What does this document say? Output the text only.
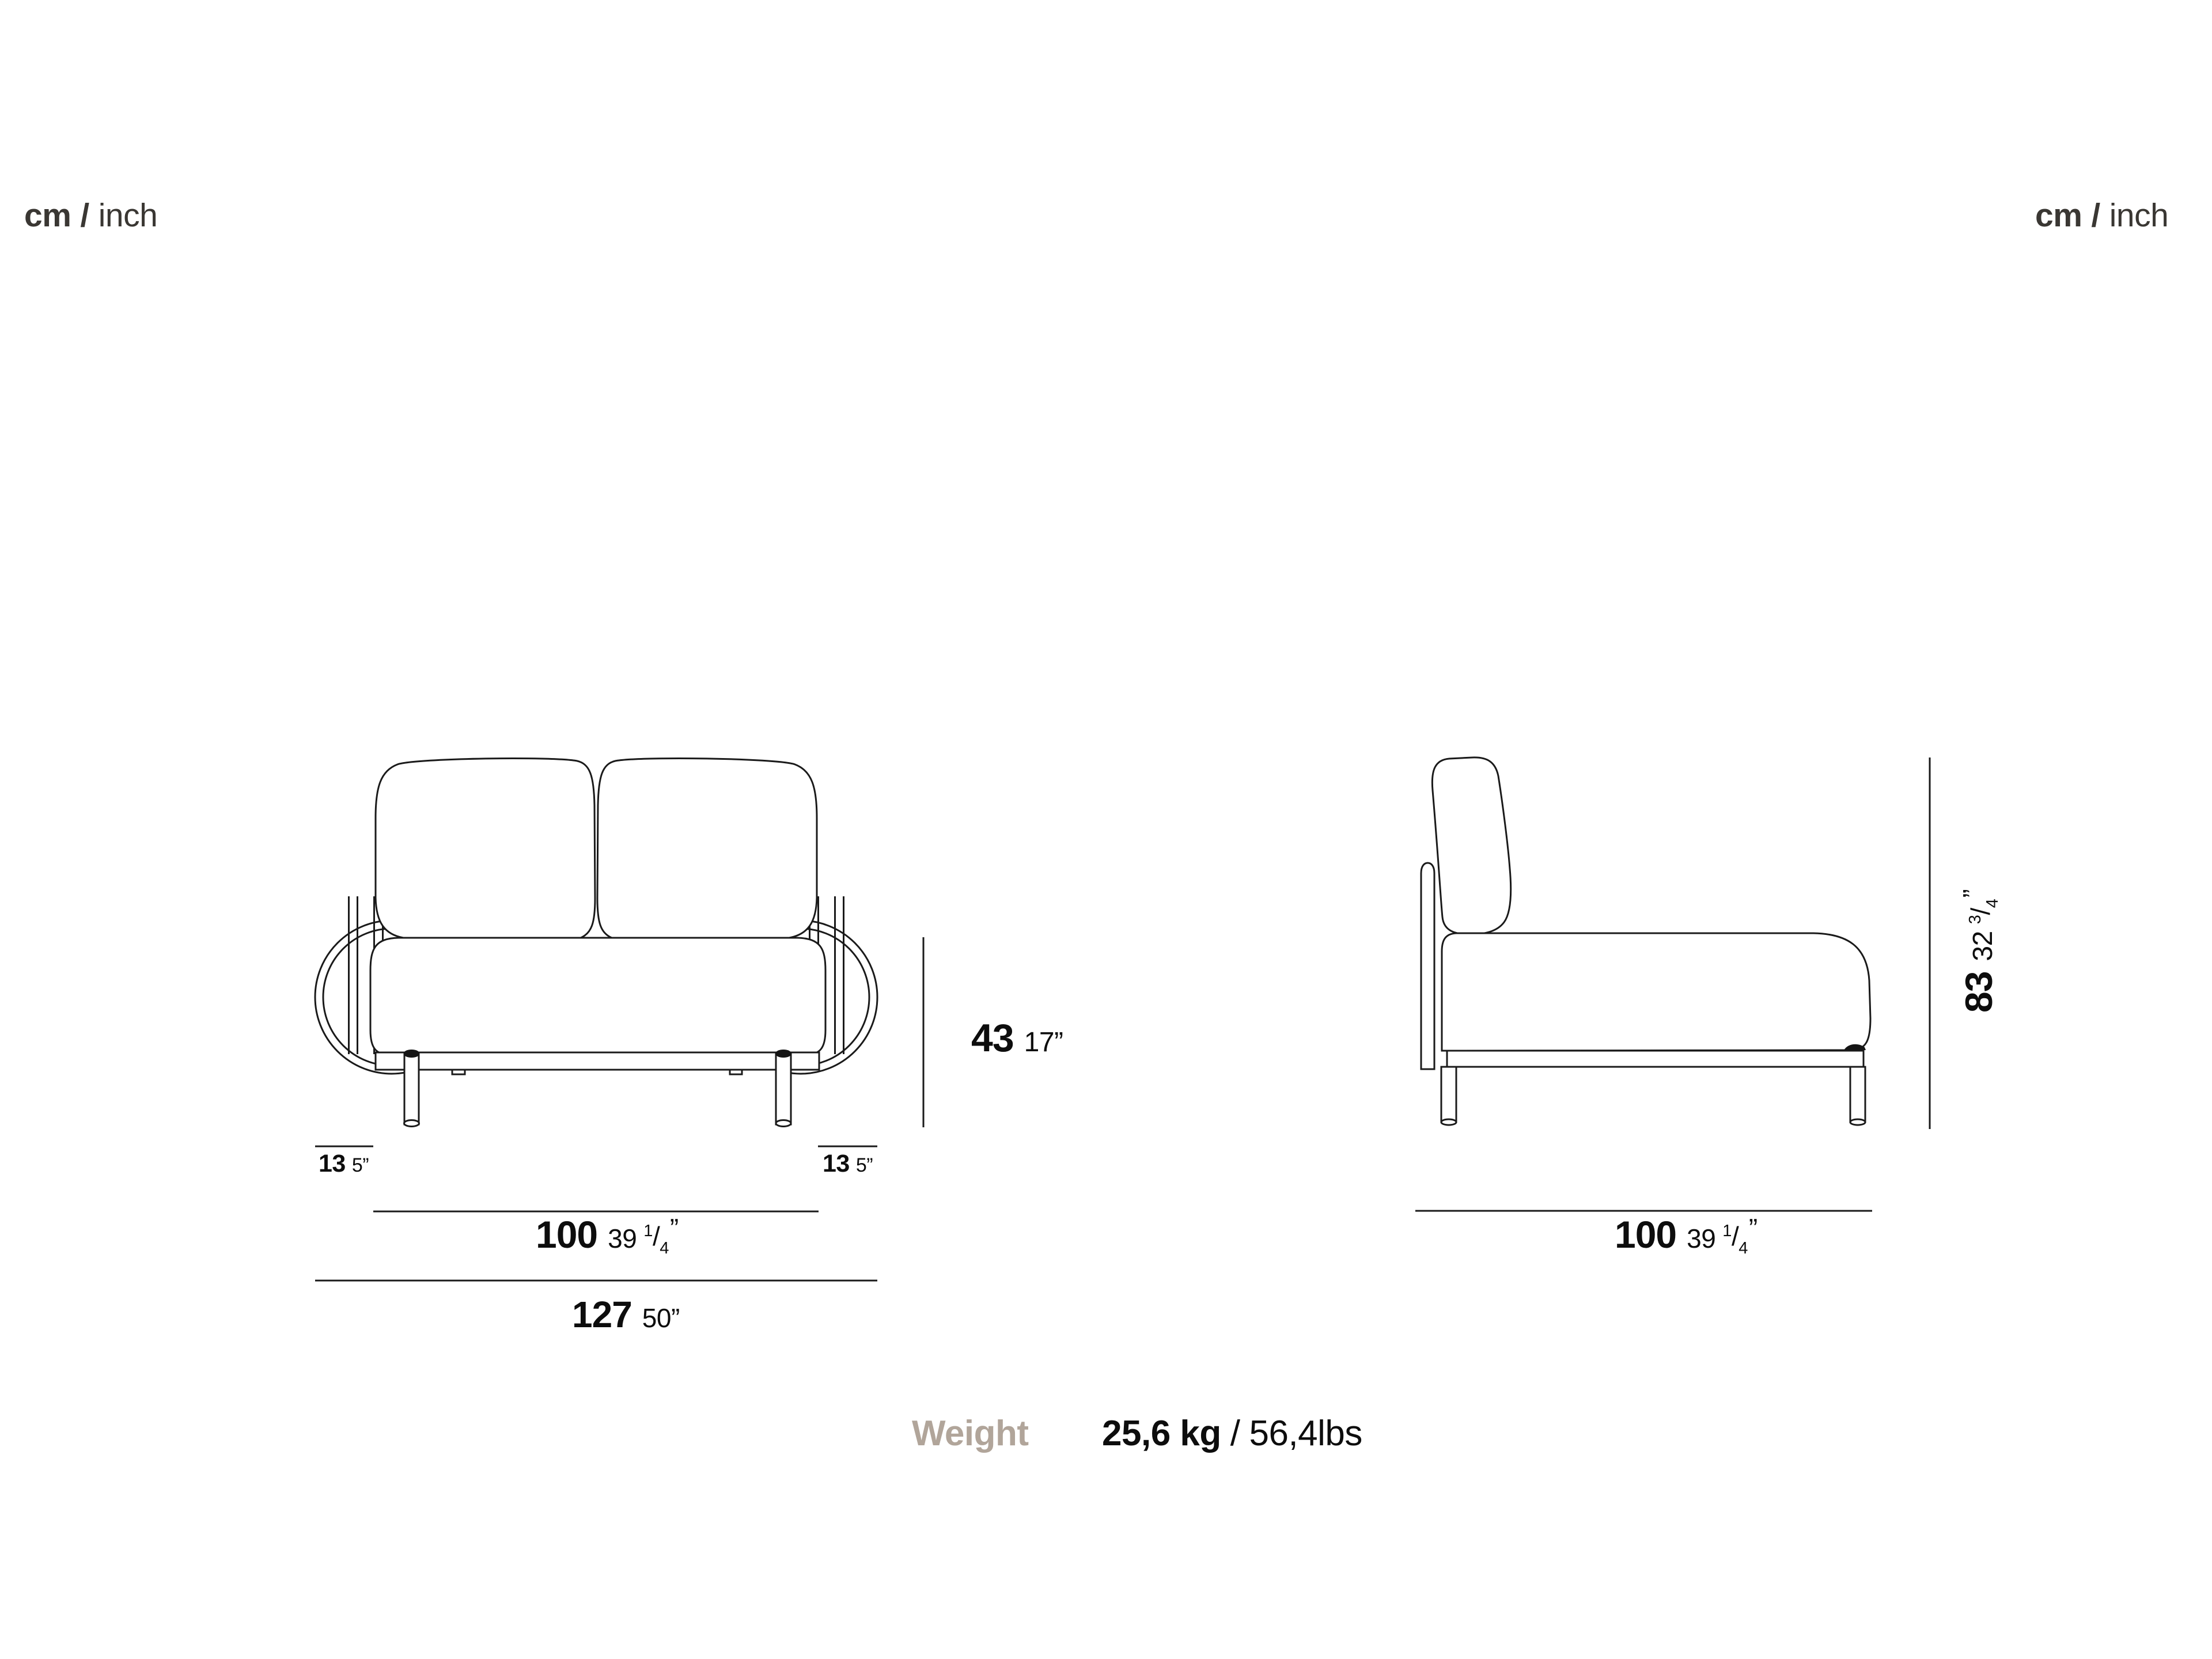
cm / inch	cm / inch
43 17”
13 5”	13 5”
100 39 1/4
”
127 50”
83
32
3/4
”
100 39 1/4
”
Weight 25,6 kg / 56,4lbs
